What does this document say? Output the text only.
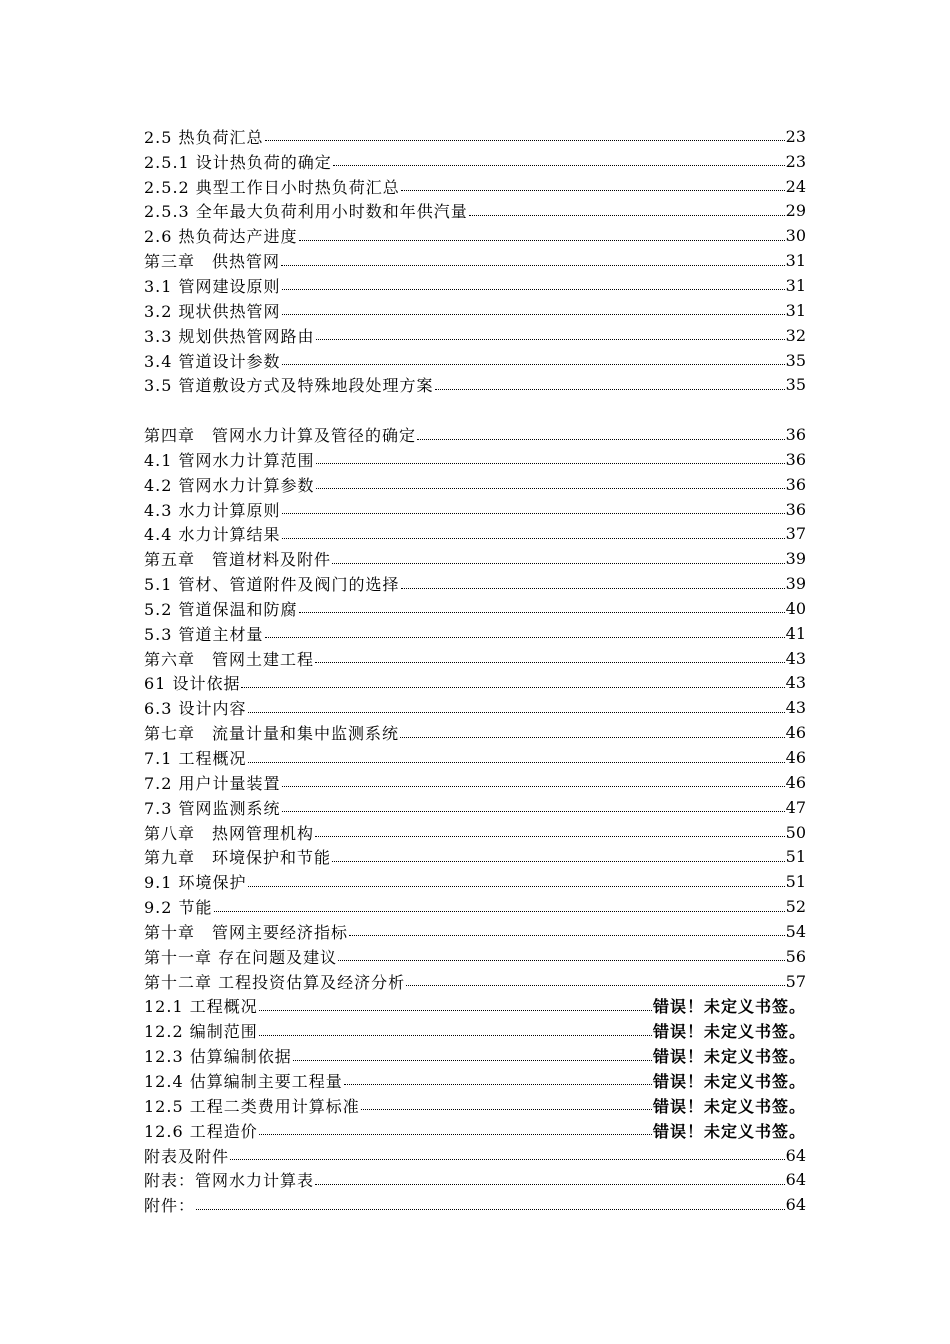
2.5 热负荷汇总	23
2.5.1 设计热负荷的确定	23
2.5.2 典型工作日小时热负荷汇总	24
2.5.3 全年最大负荷利用小时数和年供汽量	29
2.6 热负荷达产进度	30
第三章　供热管网	31
3.1 管网建设原则	31
3.2 现状供热管网	31
3.3 规划供热管网路由	32
3.4 管道设计参数	35
3.5 管道敷设方式及特殊地段处理方案	35
第四章　管网水力计算及管径的确定	36
4.1 管网水力计算范围	36
4.2 管网水力计算参数	36
4.3 水力计算原则	36
4.4 水力计算结果	37
第五章　管道材料及附件	39
5.1 管材、管道附件及阀门的选择	39
5.2 管道保温和防腐	40
5.3 管道主材量	41
第六章　管网土建工程	43
61 设计依据	43
6.3 设计内容	43
第七章　流量计量和集中监测系统	46
7.1 工程概况	46
7.2 用户计量装置	46
7.3 管网监测系统	47
第八章　热网管理机构	50
第九章　环境保护和节能	51
9.1 环境保护	51
9.2 节能	52
第十章　管网主要经济指标	54
第十一章 存在问题及建议	56
第十二章 工程投资估算及经济分析	57
12.1 工程概况	错误！未定义书签。
12.2 编制范围	错误！未定义书签。
12.3 估算编制依据	错误！未定义书签。
12.4 估算编制主要工程量	错误！未定义书签。
12.5 工程二类费用计算标准	错误！未定义书签。
12.6 工程造价	错误！未定义书签。
附表及附件	64
附表：管网水力计算表	64
附件：	64
